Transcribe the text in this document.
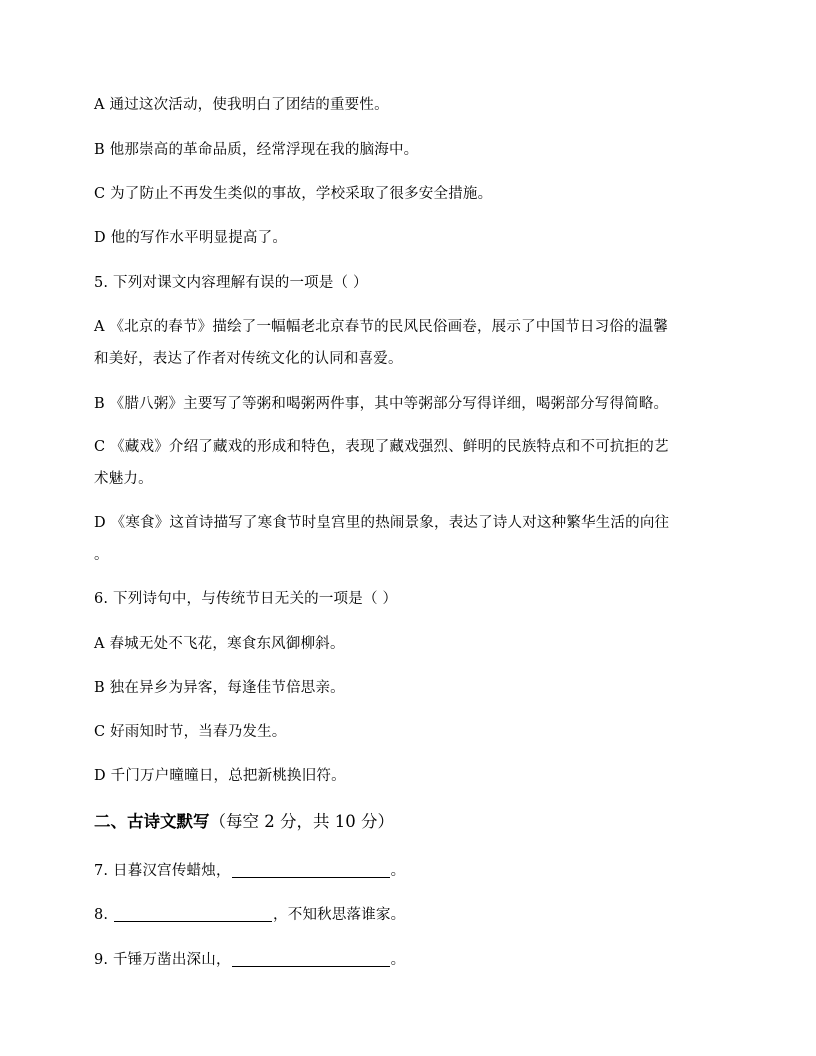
A 通过这次活动，使我明白了团结的重要性。
B 他那崇高的革命品质，经常浮现在我的脑海中。
C 为了防止不再发生类似的事故，学校采取了很多安全措施。
D 他的写作水平明显提高了。
5. 下列对课文内容理解有误的一项是（ ）
A 《北京的春节》描绘了一幅幅老北京春节的民风民俗画卷，展示了中国节日习俗的温馨
和美好，表达了作者对传统文化的认同和喜爱。
B 《腊八粥》主要写了等粥和喝粥两件事，其中等粥部分写得详细，喝粥部分写得简略。
C 《藏戏》介绍了藏戏的形成和特色，表现了藏戏强烈、鲜明的民族特点和不可抗拒的艺
术魅力。
D 《寒食》这首诗描写了寒食节时皇宫里的热闹景象，表达了诗人对这种繁华生活的向往
。
6. 下列诗句中，与传统节日无关的一项是（ ）
A 春城无处不飞花，寒食东风御柳斜。
B 独在异乡为异客，每逢佳节倍思亲。
C 好雨知时节，当春乃发生。
D 千门万户曈曈日，总把新桃换旧符。
二、古诗文默写（每空 2 分，共 10 分）
7. 日暮汉宫传蜡烛，	。
8.	，不知秋思落谁家。
9. 千锤万凿出深山，	。
